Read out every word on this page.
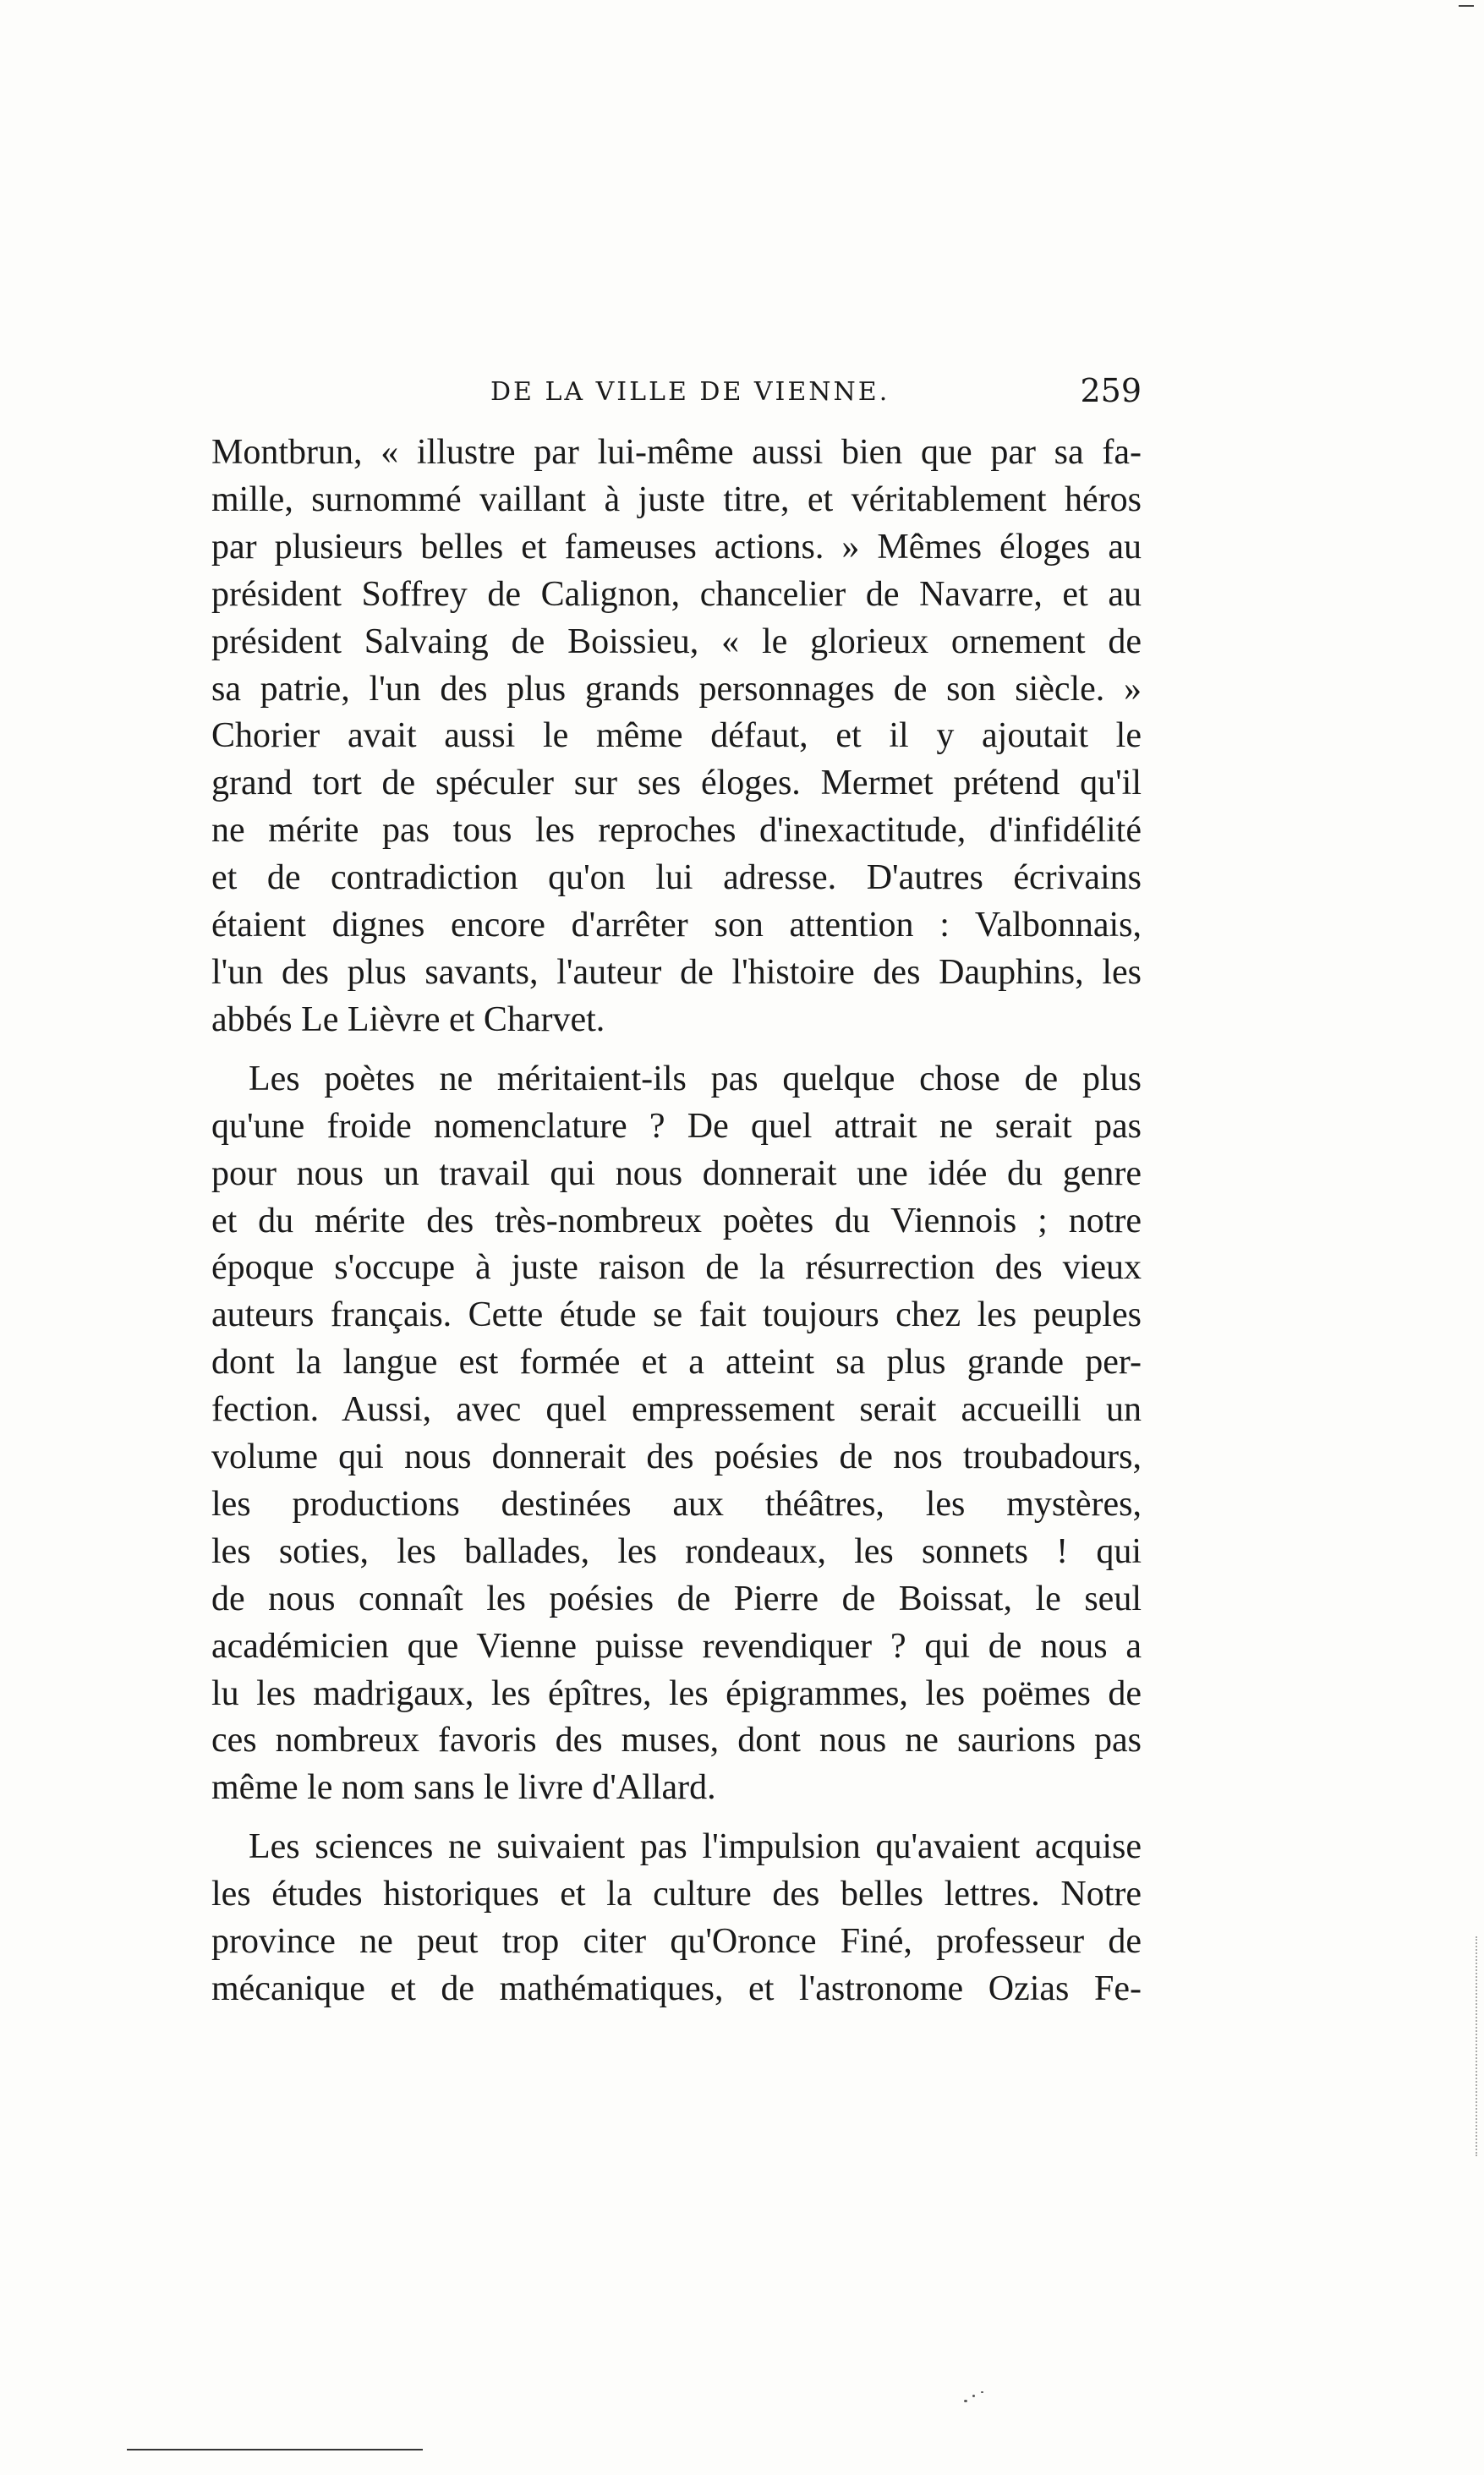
DE LA VILLE DE VIENNE.	259
Montbrun, « illustre par lui-même aussi bien que par sa fa-
mille, surnommé vaillant à juste titre, et véritablement héros
par plusieurs belles et fameuses actions. » Mêmes éloges au
président Soffrey de Calignon, chancelier de Navarre, et au
président Salvaing de Boissieu, « le glorieux ornement de
sa patrie, l'un des plus grands personnages de son siècle. »
Chorier avait aussi le même défaut, et il y ajoutait le
grand tort de spéculer sur ses éloges. Mermet prétend qu'il
ne mérite pas tous les reproches d'inexactitude, d'infidélité
et de contradiction qu'on lui adresse. D'autres écrivains
étaient dignes encore d'arrêter son attention : Valbonnais,
l'un des plus savants, l'auteur de l'histoire des Dauphins, les
abbés Le Lièvre et Charvet.
Les poètes ne méritaient-ils pas quelque chose de plus
qu'une froide nomenclature ? De quel attrait ne serait pas
pour nous un travail qui nous donnerait une idée du genre
et du mérite des très-nombreux poètes du Viennois ; notre
époque s'occupe à juste raison de la résurrection des vieux
auteurs français. Cette étude se fait toujours chez les peuples
dont la langue est formée et a atteint sa plus grande per-
fection. Aussi, avec quel empressement serait accueilli un
volume qui nous donnerait des poésies de nos troubadours,
les productions destinées aux théâtres, les mystères,
les soties, les ballades, les rondeaux, les sonnets ! qui
de nous connaît les poésies de Pierre de Boissat, le seul
académicien que Vienne puisse revendiquer ? qui de nous a
lu les madrigaux, les épîtres, les épigrammes, les poëmes de
ces nombreux favoris des muses, dont nous ne saurions pas
même le nom sans le livre d'Allard.
Les sciences ne suivaient pas l'impulsion qu'avaient acquise
les études historiques et la culture des belles lettres. Notre
province ne peut trop citer qu'Oronce Finé, professeur de
mécanique et de mathématiques, et l'astronome Ozias Fe-
